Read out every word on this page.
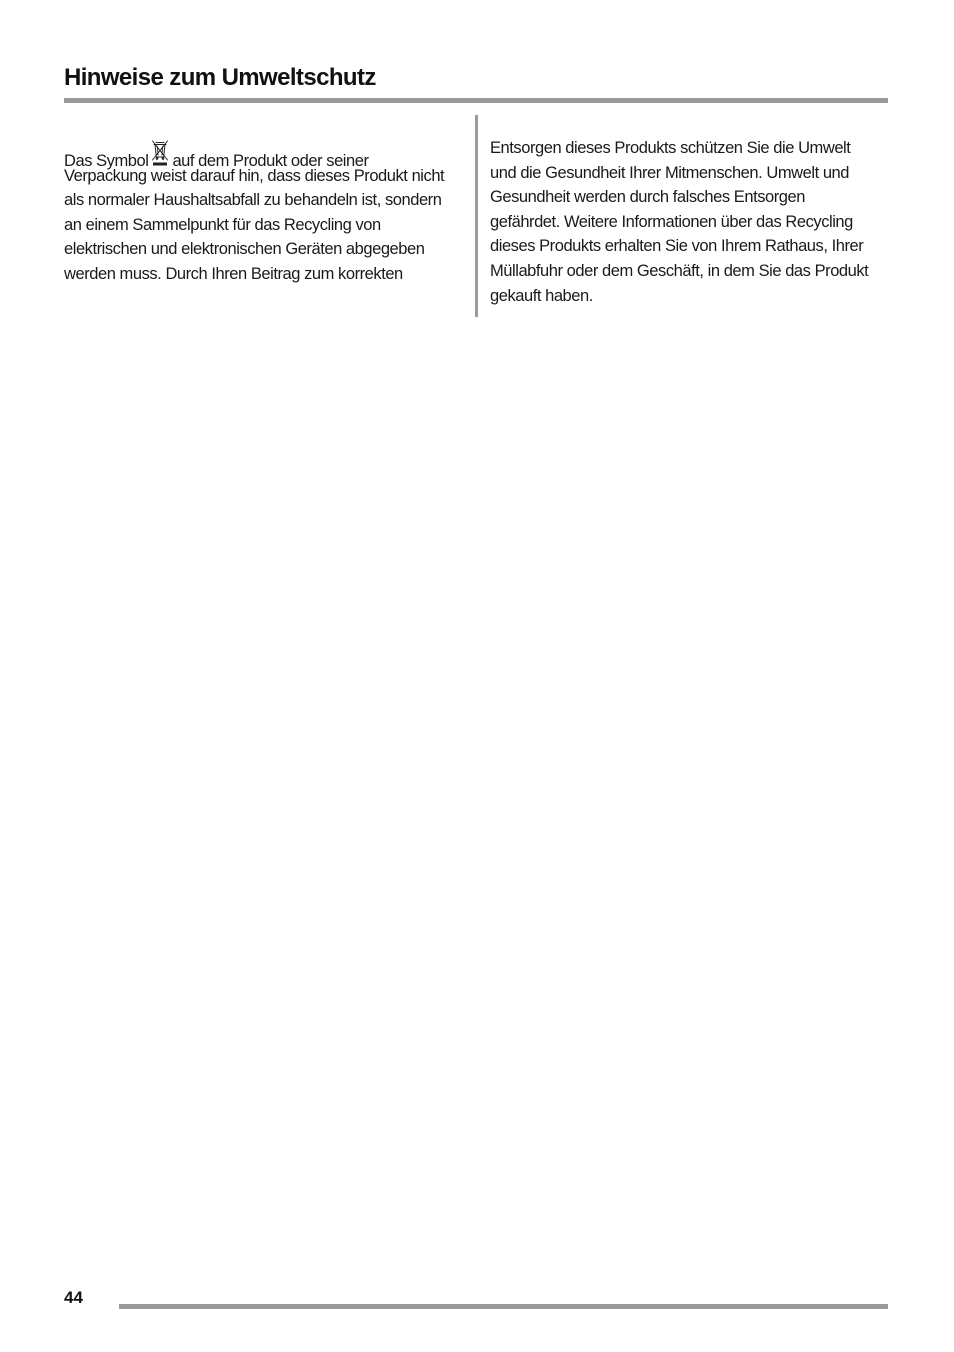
Hinweise zum Umweltschutz
Das Symbol auf dem Produkt oder seiner
Verpackung weist darauf hin, dass dieses Produkt nicht
als normaler Haushaltsabfall zu behandeln ist, sondern
an einem Sammelpunkt für das Recycling von
elektrischen und elektronischen Geräten abgegeben
werden muss. Durch Ihren Beitrag zum korrekten
Entsorgen dieses Produkts schützen Sie die Umwelt
und die Gesundheit Ihrer Mitmenschen. Umwelt und
Gesundheit werden durch falsches Entsorgen
gefährdet. Weitere Informationen über das Recycling
dieses Produkts erhalten Sie von Ihrem Rathaus, Ihrer
Müllabfuhr oder dem Geschäft, in dem Sie das Produkt
gekauft haben.
44
